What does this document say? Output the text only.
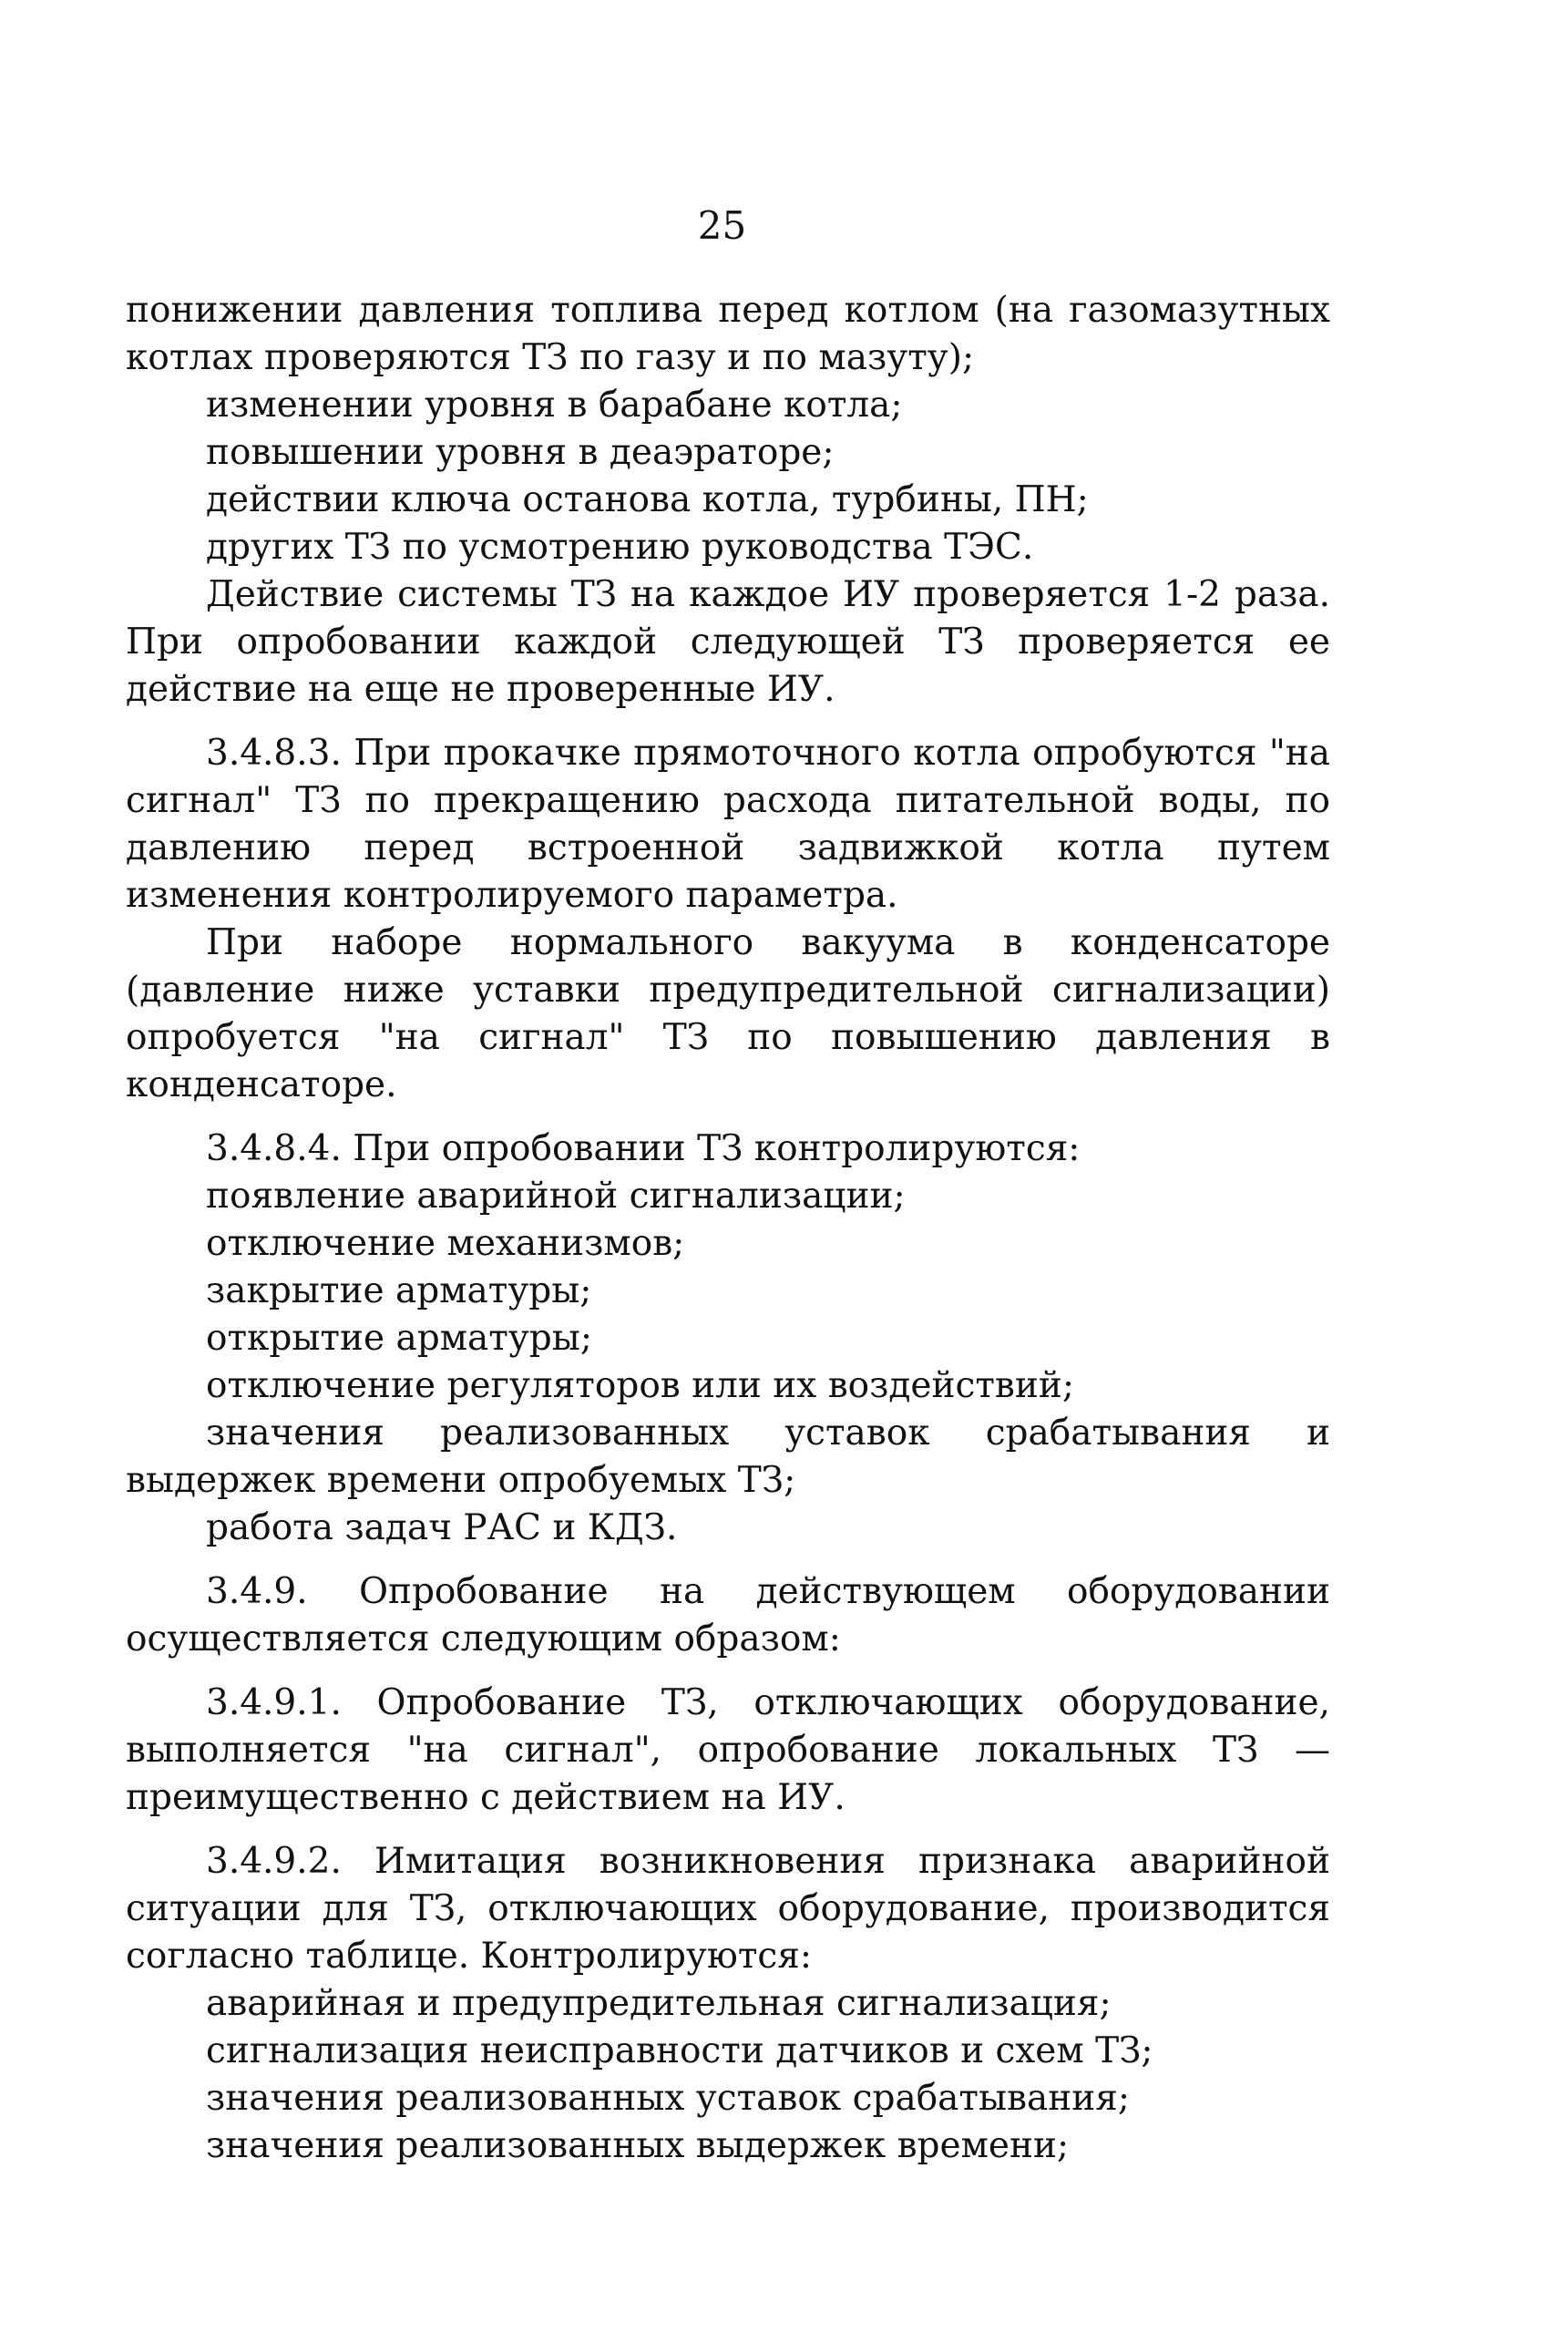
25

понижении давления топлива перед котлом (на газомазутных котлах проверяются ТЗ по газу и по мазуту);

изменении уровня в барабане котла;

повышении уровня в деаэраторе;

действии ключа останова котла, турбины, ПН;

других ТЗ по усмотрению руководства ТЭС.

Действие системы ТЗ на каждое ИУ проверяется 1-2 раза. При опробовании каждой следующей ТЗ проверяется ее действие на еще не проверенные ИУ.

3.4.8.3. При прокачке прямоточного котла опробуются "на сигнал" ТЗ по прекращению расхода питательной воды, по давлению перед встроенной задвижкой котла путем изменения контролируемого параметра.

При наборе нормального вакуума в конденсаторе (давление ниже уставки предупредительной сигнализации) опробуется "на сигнал" ТЗ по повышению давления в конденсаторе.

3.4.8.4. При опробовании ТЗ контролируются:

появление аварийной сигнализации;

отключение механизмов;

закрытие арматуры;

открытие арматуры;

отключение регуляторов или их воздействий;

значения реализованных уставок срабатывания и выдержек времени опробуемых ТЗ;

работа задач РАС и КДЗ.

3.4.9. Опробование на действующем оборудовании осуществляется следующим образом:

3.4.9.1. Опробование ТЗ, отключающих оборудование, выполняется "на сигнал", опробование локальных ТЗ — преимущественно с действием на ИУ.

3.4.9.2. Имитация возникновения признака аварийной ситуации для ТЗ, отключающих оборудование, производится согласно таблице. Контролируются:

аварийная и предупредительная сигнализация;

сигнализация неисправности датчиков и схем ТЗ;

значения реализованных уставок срабатывания;

значения реализованных выдержек времени;
